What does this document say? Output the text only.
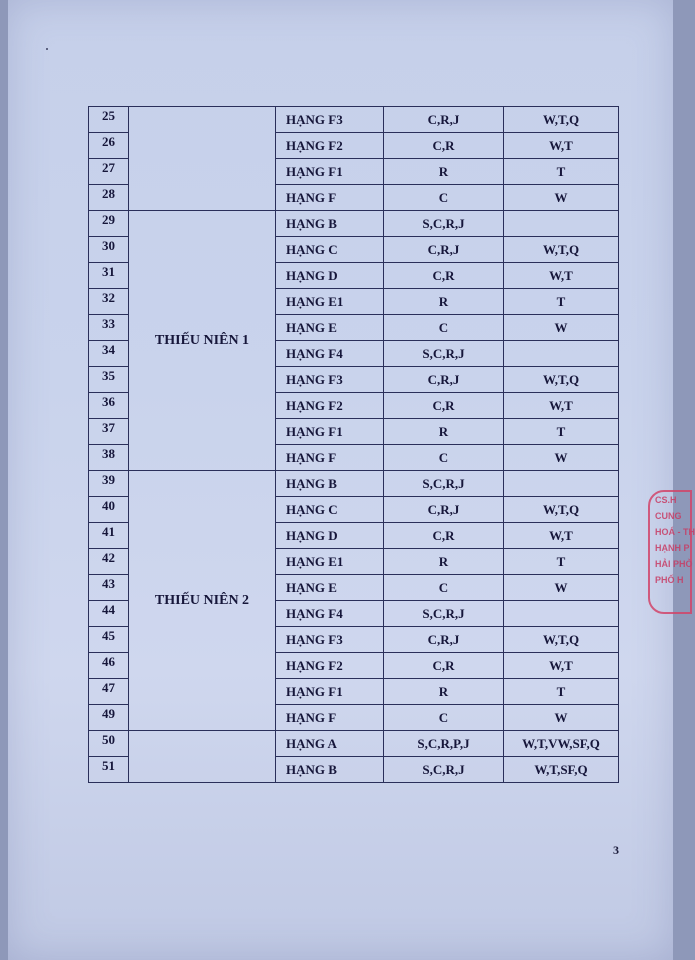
25		HẠNG F3	C,R,J	W,T,Q
26		HẠNG F2	C,R	W,T
27		HẠNG F1	R	T
28		HẠNG F	C	W
29	THIẾU NIÊN 1	HẠNG B	S,C,R,J	
30		HẠNG C	C,R,J	W,T,Q
31		HẠNG D	C,R	W,T
32		HẠNG E1	R	T
33		HẠNG E	C	W
34		HẠNG F4	S,C,R,J	
35		HẠNG F3	C,R,J	W,T,Q
36		HẠNG F2	C,R	W,T
37		HẠNG F1	R	T
38		HẠNG F	C	W
39	THIẾU NIÊN 2	HẠNG B	S,C,R,J	
40		HẠNG C	C,R,J	W,T,Q
41		HẠNG D	C,R	W,T
42		HẠNG E1	R	T
43		HẠNG E	C	W
44		HẠNG F4	S,C,R,J	
45		HẠNG F3	C,R,J	W,T,Q
46		HẠNG F2	C,R	W,T
47		HẠNG F1	R	T
49		HẠNG F	C	W
50		HẠNG A	S,C,R,P,J	W,T,VW,SF,Q
51		HẠNG B	S,C,R,J	W,T,SF,Q
3
CS.H
CUNG
HOÁ - TH
HẠNH P
HẢI PHÒ
PHỐ H
